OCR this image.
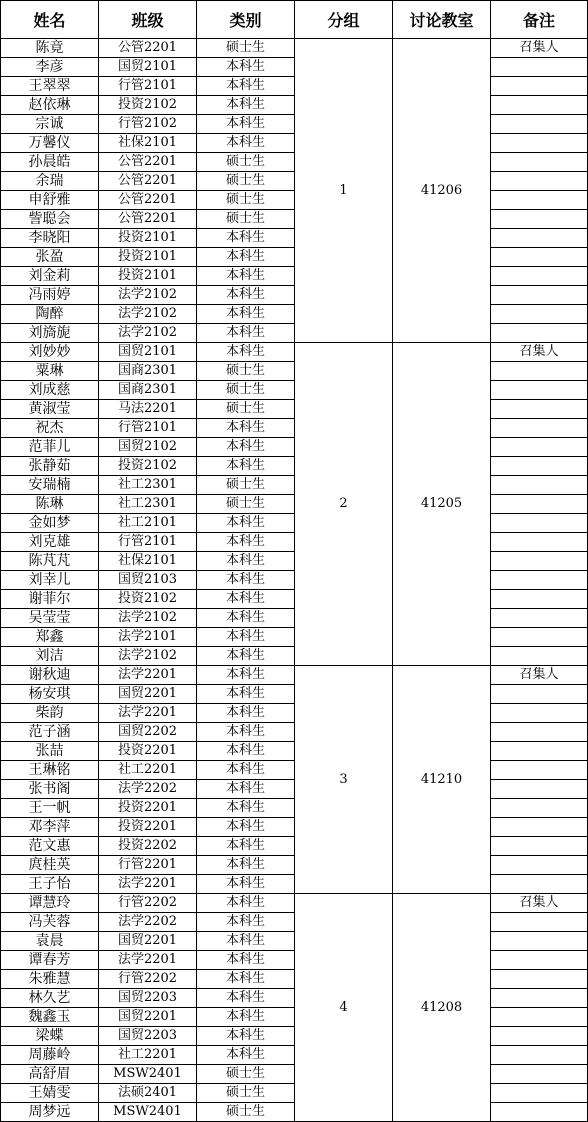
姓名	班级	类别	分组	讨论教室	备注
陈竟	公管2201	硕士生	1	41206	召集人
李彦	国贸2101	本科生			
王翠翠	行管2101	本科生			
赵依琳	投资2102	本科生			
宗诚	行管2102	本科生			
万馨仪	社保2101	本科生			
孙晨皓	公管2201	硕士生			
余瑞	公管2201	硕士生			
申舒雅	公管2201	硕士生			
訾聪会	公管2201	硕士生			
李晓阳	投资2101	本科生			
张盈	投资2101	本科生			
刘金莉	投资2101	本科生			
冯雨婷	法学2102	本科生			
陶醉	法学2102	本科生			
刘旖旎	法学2102	本科生			
刘妙妙	国贸2101	本科生	2	41205	召集人
粟琳	国商2301	硕士生			
刘成慈	国商2301	硕士生			
黄淑莹	马法2201	硕士生			
祝杰	行管2101	本科生			
范菲儿	国贸2102	本科生			
张静茹	投资2102	本科生			
安瑞楠	社工2301	硕士生			
陈琳	社工2301	硕士生			
金如梦	社工2101	本科生			
刘克雄	行管2101	本科生			
陈芃芃	社保2101	本科生			
刘幸儿	国贸2103	本科生			
谢菲尔	投资2102	本科生			
吴莹莹	法学2102	本科生			
郑鑫	法学2101	本科生			
刘洁	法学2102	本科生			
谢秋迪	法学2201	本科生	3	41210	召集人
杨安琪	国贸2201	本科生			
柴韵	法学2201	本科生			
范子涵	国贸2202	本科生			
张喆	投资2201	本科生			
王琳铭	社工2201	本科生			
张书阁	法学2202	本科生			
王一帆	投资2201	本科生			
邓李萍	投资2201	本科生			
范文惠	投资2202	本科生			
庹桂英	行管2201	本科生			
王子怡	法学2201	本科生			
谭慧玲	行管2202	本科生	4	41208	召集人
冯芙蓉	法学2202	本科生			
袁晨	国贸2201	本科生			
谭春芳	法学2201	本科生			
朱雅慧	行管2202	本科生			
林久艺	国贸2203	本科生			
魏鑫玉	国贸2201	本科生			
梁蝶	国贸2203	本科生			
周藤岭	社工2201	本科生			
高舒眉	MSW2401	硕士生			
王婧雯	法硕2401	硕士生			
周梦远	MSW2401	硕士生			
